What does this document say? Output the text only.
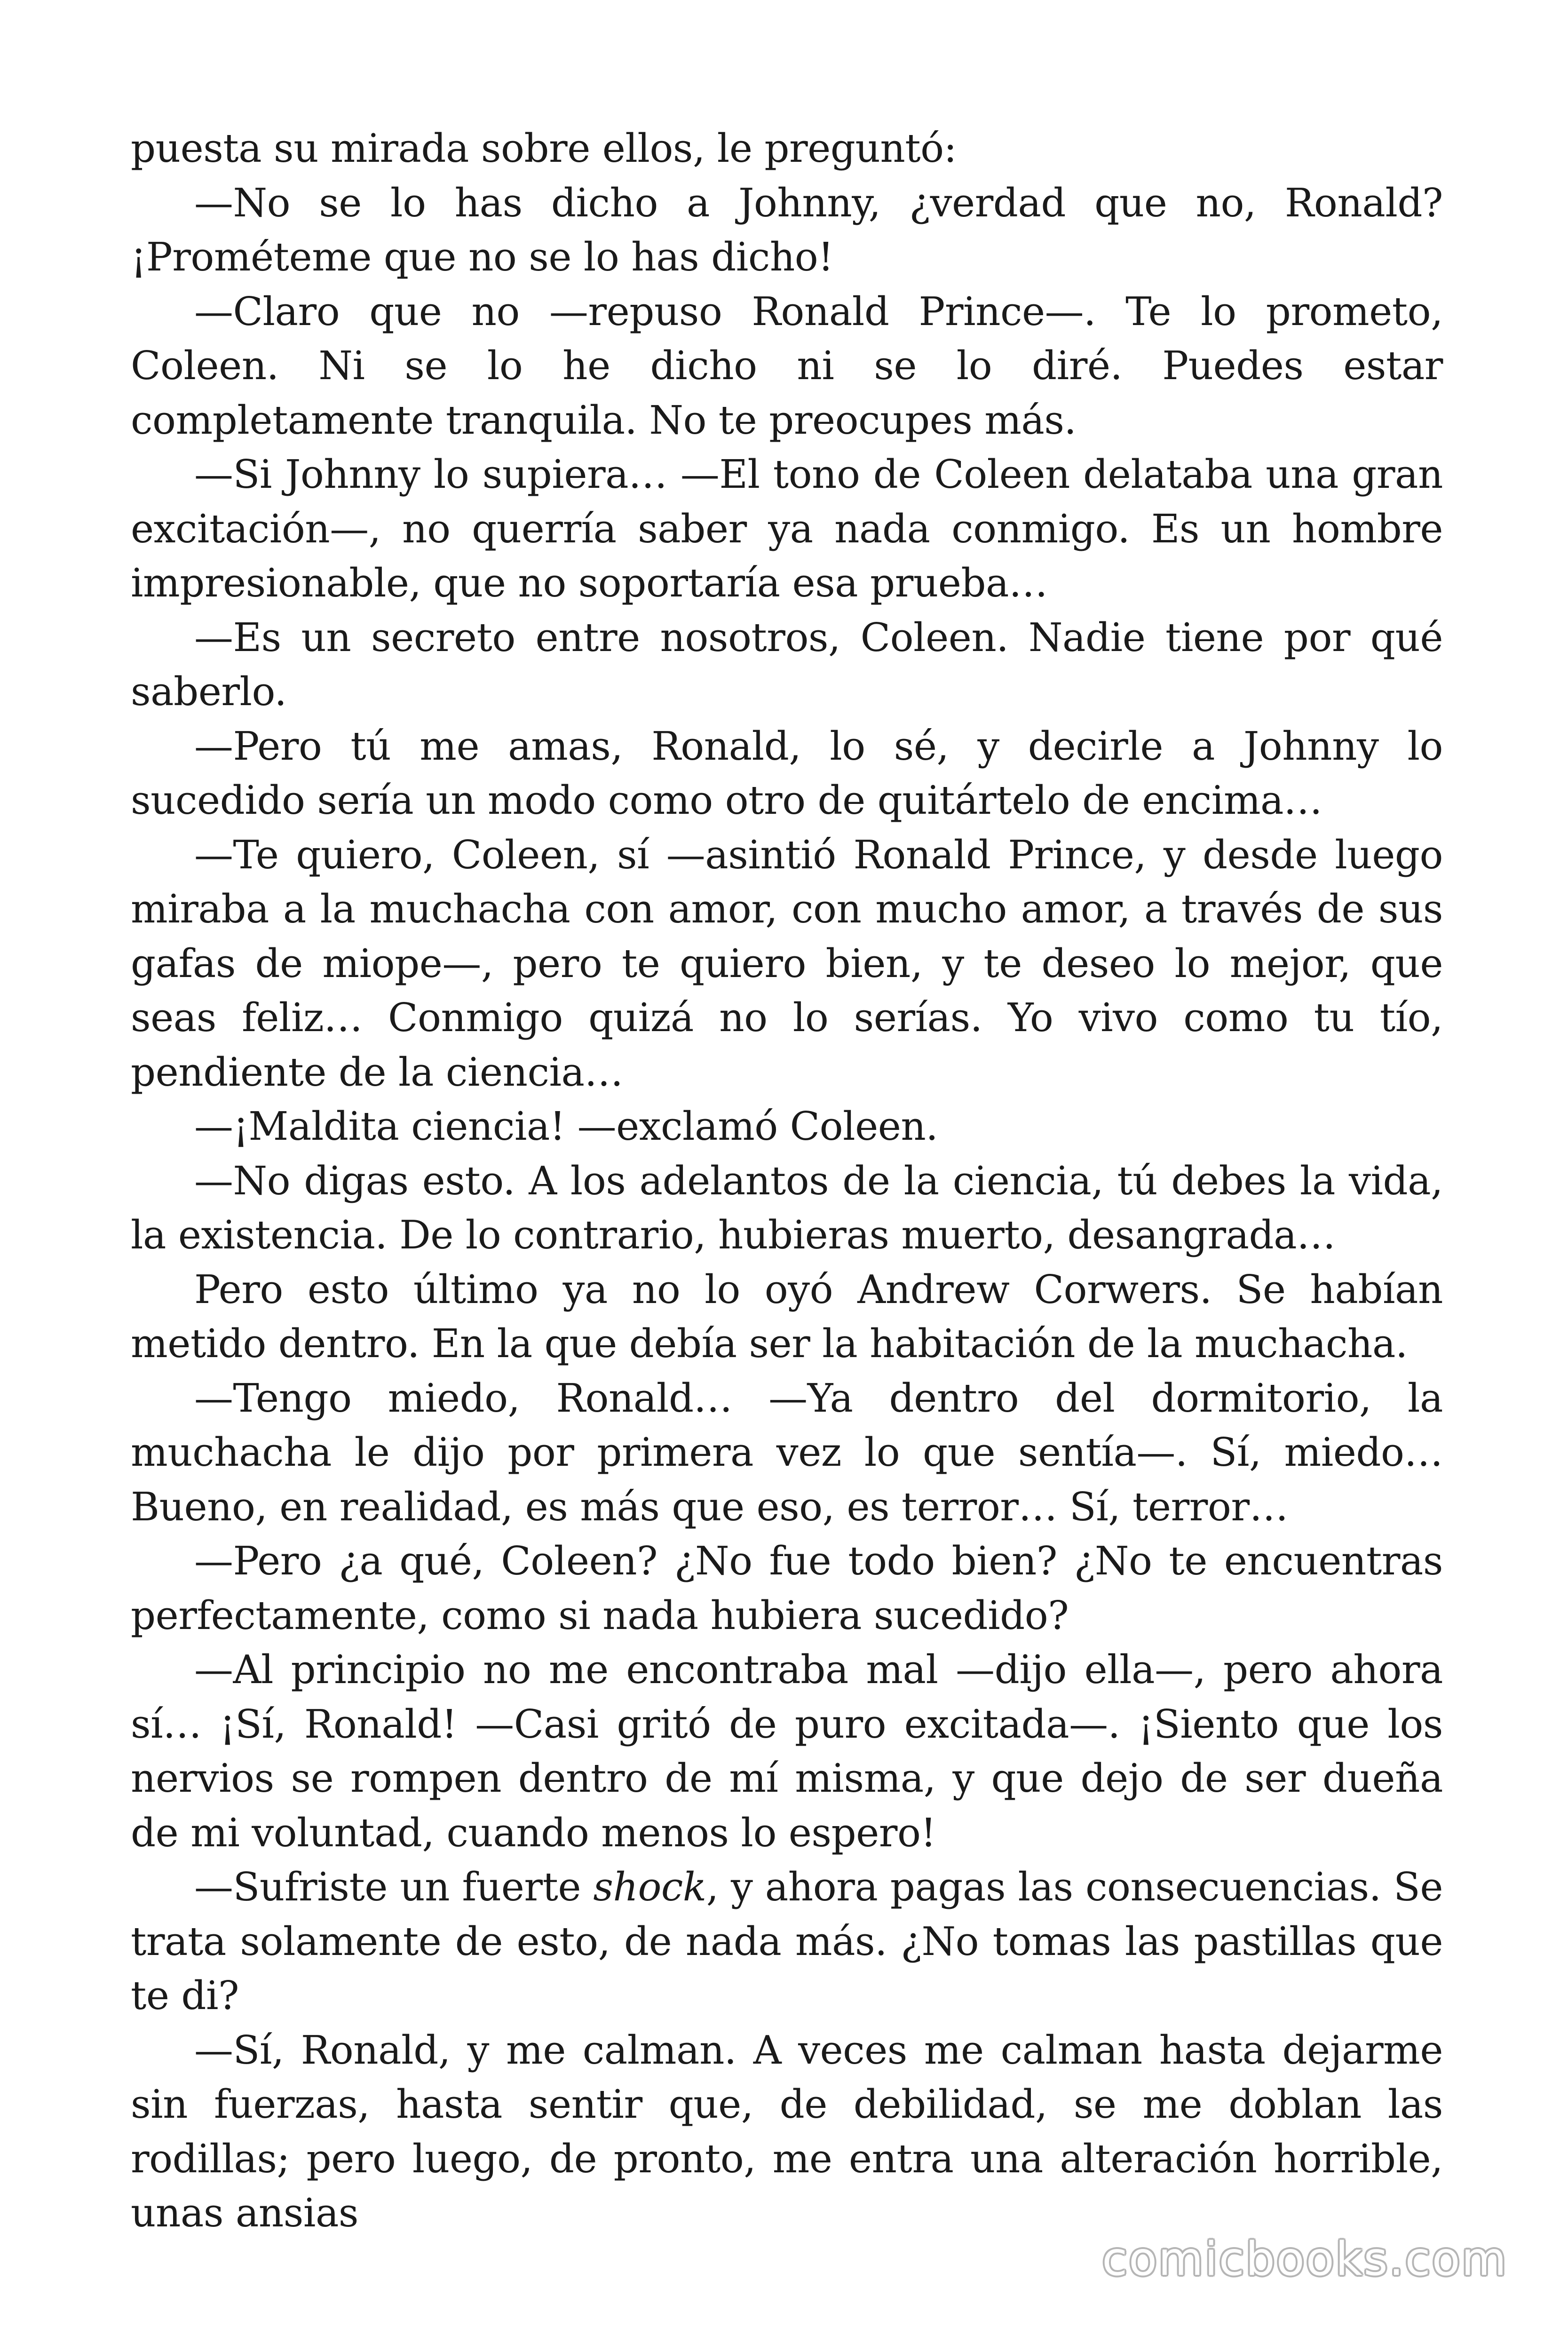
puesta su mirada sobre ellos, le preguntó:

—No se lo has dicho a Johnny, ¿verdad que no, Ronald? ¡Prométeme que no se lo has dicho!

—Claro que no —repuso Ronald Prince—. Te lo prometo, Coleen. Ni se lo he dicho ni se lo diré. Puedes estar completamente tranquila. No te preocupes más.

—Si Johnny lo supiera… —El tono de Coleen delataba una gran excitación—, no querría saber ya nada conmigo. Es un hombre impresionable, que no soportaría esa prueba…

—Es un secreto entre nosotros, Coleen. Nadie tiene por qué saberlo.

—Pero tú me amas, Ronald, lo sé, y decirle a Johnny lo sucedido sería un modo como otro de quitártelo de encima…

—Te quiero, Coleen, sí —asintió Ronald Prince, y desde luego miraba a la muchacha con amor, con mucho amor, a través de sus gafas de miope—, pero te quiero bien, y te deseo lo mejor, que seas feliz… Conmigo quizá no lo serías. Yo vivo como tu tío, pendiente de la ciencia…

—¡Maldita ciencia! —exclamó Coleen.

—No digas esto. A los adelantos de la ciencia, tú debes la vida, la existencia. De lo contrario, hubieras muerto, desangrada…

Pero esto último ya no lo oyó Andrew Corwers. Se habían metido dentro. En la que debía ser la habitación de la muchacha.

—Tengo miedo, Ronald… —Ya dentro del dormitorio, la muchacha le dijo por primera vez lo que sentía—. Sí, miedo… Bueno, en realidad, es más que eso, es terror… Sí, terror…

—Pero ¿a qué, Coleen? ¿No fue todo bien? ¿No te encuentras perfectamente, como si nada hubiera sucedido?

—Al principio no me encontraba mal —dijo ella—, pero ahora sí… ¡Sí, Ronald! —Casi gritó de puro excitada—. ¡Siento que los nervios se rompen dentro de mí misma, y que dejo de ser dueña de mi voluntad, cuando menos lo espero!

—Sufriste un fuerte shock, y ahora pagas las consecuencias. Se trata solamente de esto, de nada más. ¿No tomas las pastillas que te di?

—Sí, Ronald, y me calman. A veces me calman hasta dejarme sin fuerzas, hasta sentir que, de debilidad, se me doblan las rodillas; pero luego, de pronto, me entra una alteración horrible, unas ansias

comicbooks.com
